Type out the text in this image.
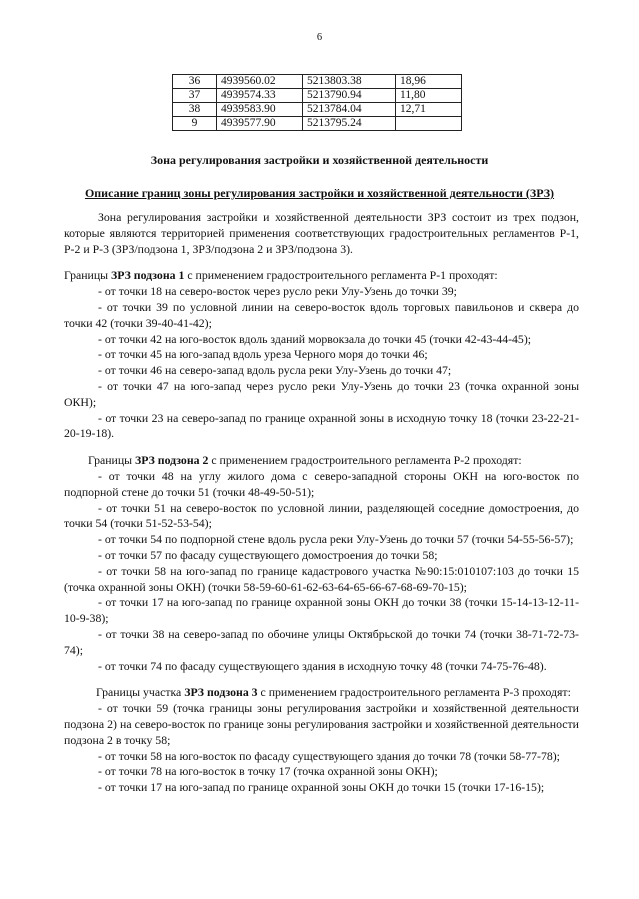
6
36	4939560.02	5213803.38	18,96
37	4939574.33	5213790.94	11,80
38	4939583.90	5213784.04	12,71
9	4939577.90	5213795.24	
Зона регулирования застройки и хозяйственной деятельности
Описание границ зоны регулирования застройки и хозяйственной деятельности (ЗРЗ)

Зона регулирования застройки и хозяйственной деятельности ЗРЗ состоит из трех подзон, которые являются территорией применения соответствующих градостроительных регламентов Р-1, Р-2 и Р-3 (ЗРЗ/подзона 1, ЗРЗ/подзона 2 и ЗРЗ/подзона 3).

Границы ЗРЗ подзона 1 с применением градостроительного регламента Р-1 проходят:

- от точки 18 на северо-восток через русло реки Улу-Узень до точки 39;

- от точки 39 по условной линии на северо-восток вдоль торговых павильонов и сквера до точки 42 (точки 39-40-41-42);

- от точки 42 на юго-восток вдоль зданий морвокзала до точки 45 (точки 42-43-44-45);

- от точки 45 на юго-запад вдоль уреза Черного моря до точки 46;

- от точки 46 на северо-запад вдоль русла реки Улу-Узень до точки 47;

- от точки 47 на юго-запад через русло реки Улу-Узень до точки 23 (точка охранной зоны ОКН);

- от точки 23 на северо-запад по границе охранной зоны в исходную точку 18 (точки 23-22-21-20-19-18).

Границы ЗРЗ подзона 2 с применением градостроительного регламента Р-2 проходят:

- от точки 48 на углу жилого дома с северо-западной стороны ОКН на юго-восток по подпорной стене до точки 51 (точки 48-49-50-51);

- от точки 51 на северо-восток по условной линии, разделяющей соседние домостроения, до точки 54 (точки 51-52-53-54);

- от точки 54 по подпорной стене вдоль русла реки Улу-Узень до точки 57 (точки 54-55-56-57);

- от точки 57 по фасаду существующего домостроения до точки 58;

- от точки 58 на юго-запад по границе кадастрового участка №90:15:010107:103 до точки 15 (точка охранной зоны ОКН) (точки 58-59-60-61-62-63-64-65-66-67-68-69-70-15);

- от точки 17 на юго-запад по границе охранной зоны ОКН до точки 38 (точки 15-14-13-12-11-10-9-38);

- от точки 38 на северо-запад по обочине улицы Октябрьской до точки 74 (точки 38-71-72-73-74);

- от точки 74 по фасаду существующего здания в исходную точку 48 (точки 74-75-76-48).

Границы участка ЗРЗ подзона 3 с применением градостроительного регламента Р-3 проходят:

- от точки 59 (точка границы зоны регулирования застройки и хозяйственной деятельности подзона 2) на северо-восток по границе зоны регулирования застройки и хозяйственной деятельности подзона 2 в точку 58;

- от точки 58 на юго-восток по фасаду существующего здания до точки 78 (точки 58-77-78);

- от точки 78 на юго-восток в точку 17 (точка охранной зоны ОКН);

- от точки 17 на юго-запад по границе охранной зоны ОКН до точки 15 (точки 17-16-15);
